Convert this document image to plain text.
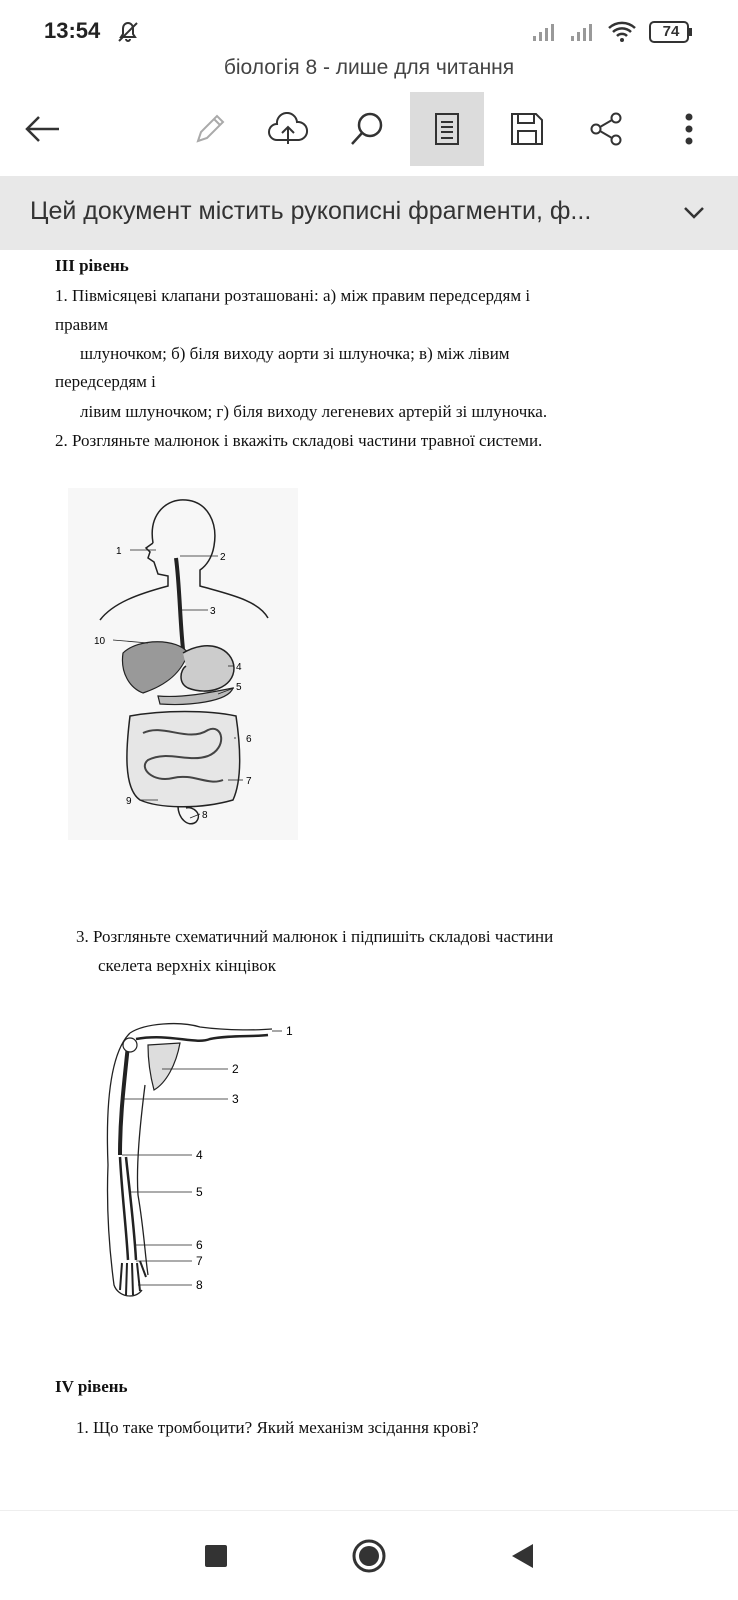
13:54	74
біологія 8 - лише для читання
Цей документ містить рукописні фрагменти, ф...
ІІІ рівень
1. Півмісяцеві клапани розташовані: а) між правим передсердям і
правим
шлуночком; б) біля виходу аорти зі шлуночка; в) між лівим
передсердям і
лівим шлуночком; г) біля виходу легеневих артерій зі шлуночка.
2. Розгляньте малюнок і вкажіть складові частини травної системи.
1
2
3
10
4
5
6
7
9
8
3. Розгляньте схематичний малюнок і підпишіть складові частини
скелета верхніх кінцівок
1
2
3
4
5
6
7
8
IV рівень
1. Що таке тромбоцити? Який механізм зсідання крові?
